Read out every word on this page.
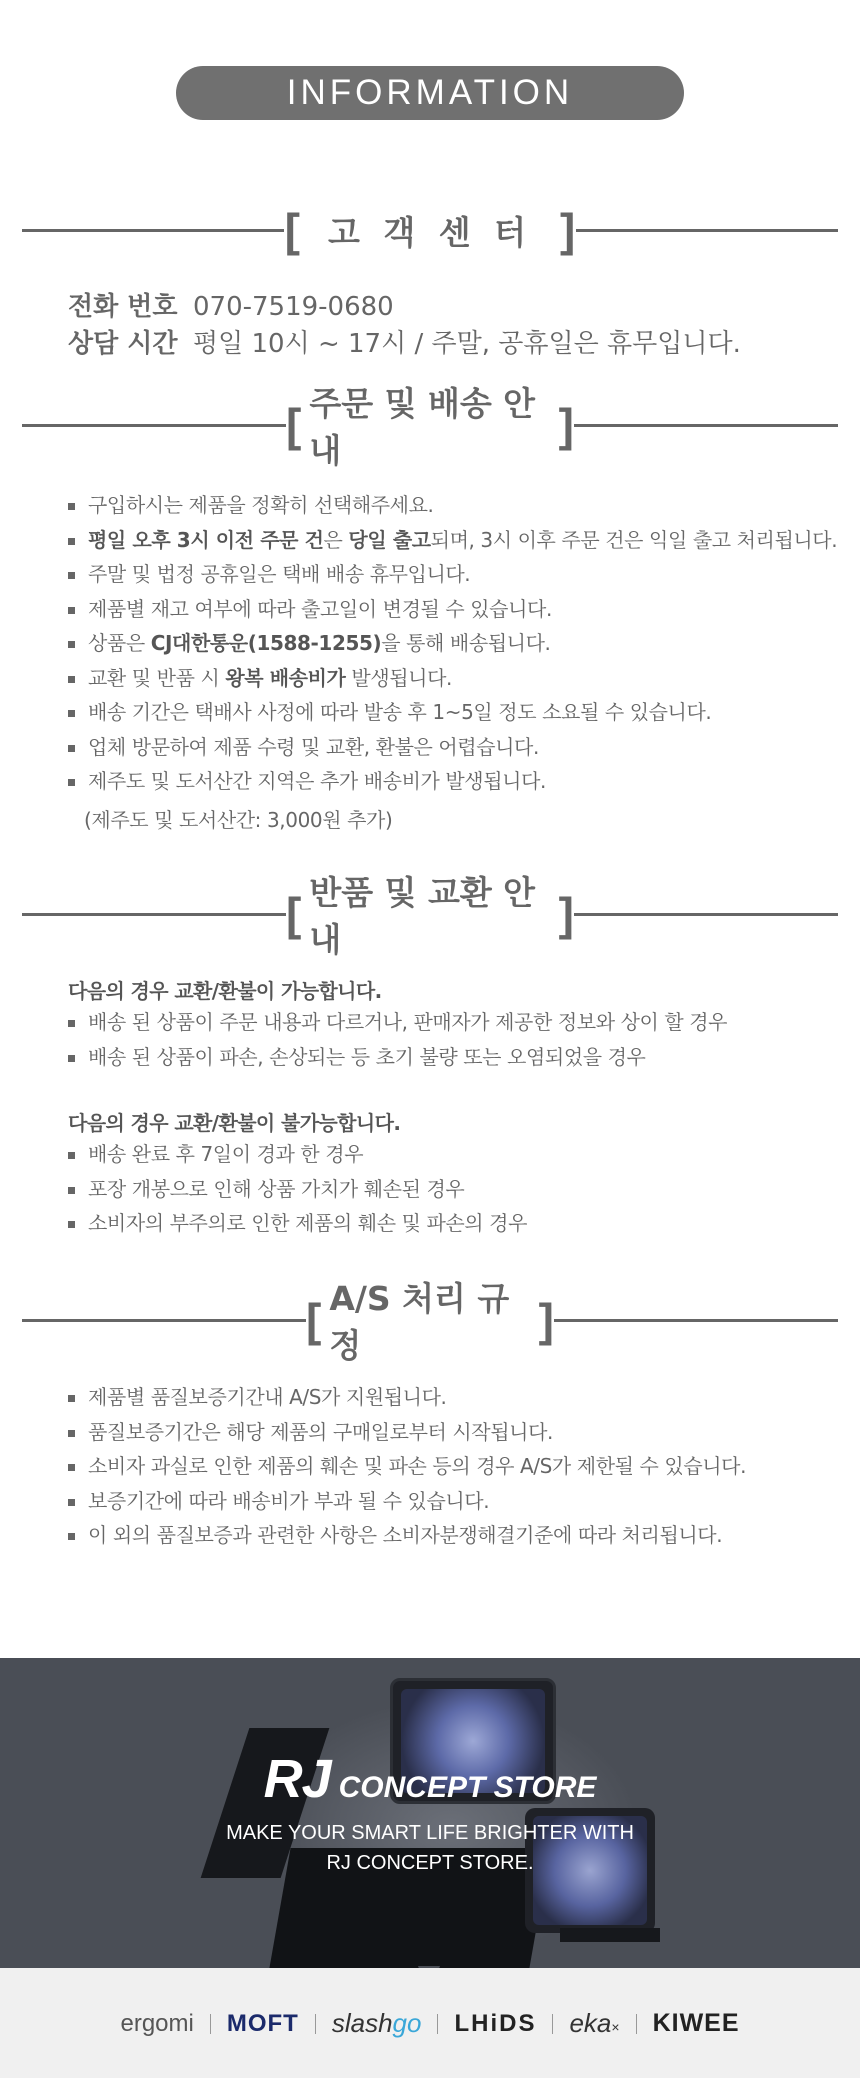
INFORMATION
[ 고 객 센 터 ]
전화 번호 070-7519-0680
상담 시간 평일 10시 ~ 17시 / 주말, 공휴일은 휴무입니다.
[ 주문 및 배송 안내	]
구입하시는 제품을 정확히 선택해주세요.
평일 오후 3시 이전 주문 건은 당일 출고되며, 3시 이후 주문 건은 익일 출고 처리됩니다.
주말 및 법정 공휴일은 택배 배송 휴무입니다.
제품별 재고 여부에 따라 출고일이 변경될 수 있습니다.
상품은 CJ대한통운(1588-1255)을 통해 배송됩니다.
교환 및 반품 시 왕복 배송비가 발생됩니다.
배송 기간은 택배사 사정에 따라 발송 후 1~5일 정도 소요될 수 있습니다.
업체 방문하여 제품 수령 및 교환, 환불은 어렵습니다.
제주도 및 도서산간 지역은 추가 배송비가 발생됩니다.
(제주도 및 도서산간: 3,000원 추가)
[ 반품 및 교환 안내	]
다음의 경우 교환/환불이 가능합니다.
배송 된 상품이 주문 내용과 다르거나, 판매자가 제공한 정보와 상이 할 경우
배송 된 상품이 파손, 손상되는 등 초기 불량 또는 오염되었을 경우
다음의 경우 교환/환불이 불가능합니다.
배송 완료 후 7일이 경과 한 경우
포장 개봉으로 인해 상품 가치가 훼손된 경우
소비자의 부주의로 인한 제품의 훼손 및 파손의 경우
[ A/S 처리 규정	]
제품별 품질보증기간내 A/S가 지원됩니다.
품질보증기간은 해당 제품의 구매일로부터 시작됩니다.
소비자 과실로 인한 제품의 훼손 및 파손 등의 경우 A/S가 제한될 수 있습니다.
보증기간에 따라 배송비가 부과 될 수 있습니다.
이 외의 품질보증과 관련한 사항은 소비자분쟁해결기준에 따라 처리됩니다.
RJ CONCEPT STORE
MAKE YOUR SMART LIFE BRIGHTER WITH
RJ CONCEPT STORE.
ergomi MOFT slashgo LHiDS eka× KIWEE
